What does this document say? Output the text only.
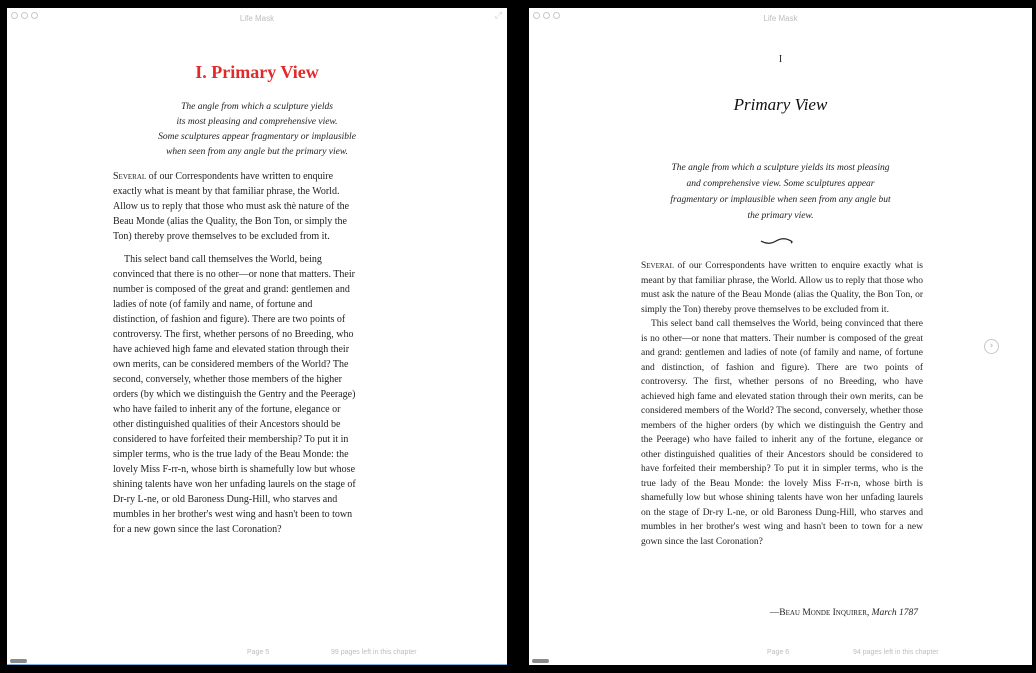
Life Mask	⤢
I. Primary View
The angle from which a sculpture yields
its most pleasing and comprehensive view.
Some sculptures appear fragmentary or implausible
when seen from any angle but the primary view.

Several of our Correspondents have written to enquire exactly what is meant by that familiar phrase, the World. Allow us to reply that those who must ask thè nature of the Beau Monde (alias the Quality, the Bon Ton, or simply the Ton) thereby prove themselves to be excluded from it.

This select band call themselves the World, being convinced that there is no other—or none that matters. Their number is composed of the great and grand: gentlemen and ladies of note (of family and name, of fortune and distinction, of fashion and figure). There are two points of controversy. The first, whether persons of no Breeding, who have achieved high fame and elevated station through their own merits, can be considered members of the World? The second, conversely, whether those members of the higher orders (by which we distinguish the Gentry and the Peerage) who have failed to inherit any of the fortune, elegance or other distinguished qualities of their Ancestors should be considered to have forfeited their membership? To put it in simpler terms, who is the true lady of the Beau Monde: the lovely Miss F-rr-n, whose birth is shamefully low but whose shining talents have won her unfading laurels on the stage of Dr-ry L-ne, or old Baroness Dung-Hill, who starves and mumbles in her brother's west wing and hasn't been to town for a new gown since the last Coronation?

Page 5	99 pages left in this chapter
Life Mask
I
Primary View
The angle from which a sculpture yields its most pleasing
and comprehensive view. Some sculptures appear
fragmentary or implausible when seen from any angle but
the primary view.

Several of our Correspondents have written to enquire exactly what is meant by that familiar phrase, the World. Allow us to reply that those who must ask the nature of the Beau Monde (alias the Quality, the Bon Ton, or simply the Ton) thereby prove themselves to be excluded from it.

This select band call themselves the World, being convinced that there is no other—or none that matters. Their number is composed of the great and grand: gentlemen and ladies of note (of family and name, of fortune and distinction, of fashion and figure). There are two points of controversy. The first, whether persons of no Breeding, who have achieved high fame and elevated station through their own merits, can be considered members of the World? The second, conversely, whether those members of the higher orders (by which we distinguish the Gentry and the Peerage) who have failed to inherit any of the fortune, elegance or other distinguished qualities of their Ancestors should be considered to have forfeited their membership? To put it in simpler terms, who is the true lady of the Beau Monde: the lovely Miss F-rr-n, whose birth is shamefully low but whose shining talents have won her unfading laurels on the stage of Dr-ry L-ne, or old Baroness Dung-Hill, who starves and mumbles in her brother's west wing and hasn't been to town for a new gown since the last Coronation?

—Beau Monde Inquirer, March 1787
›
Page 6	94 pages left in this chapter
